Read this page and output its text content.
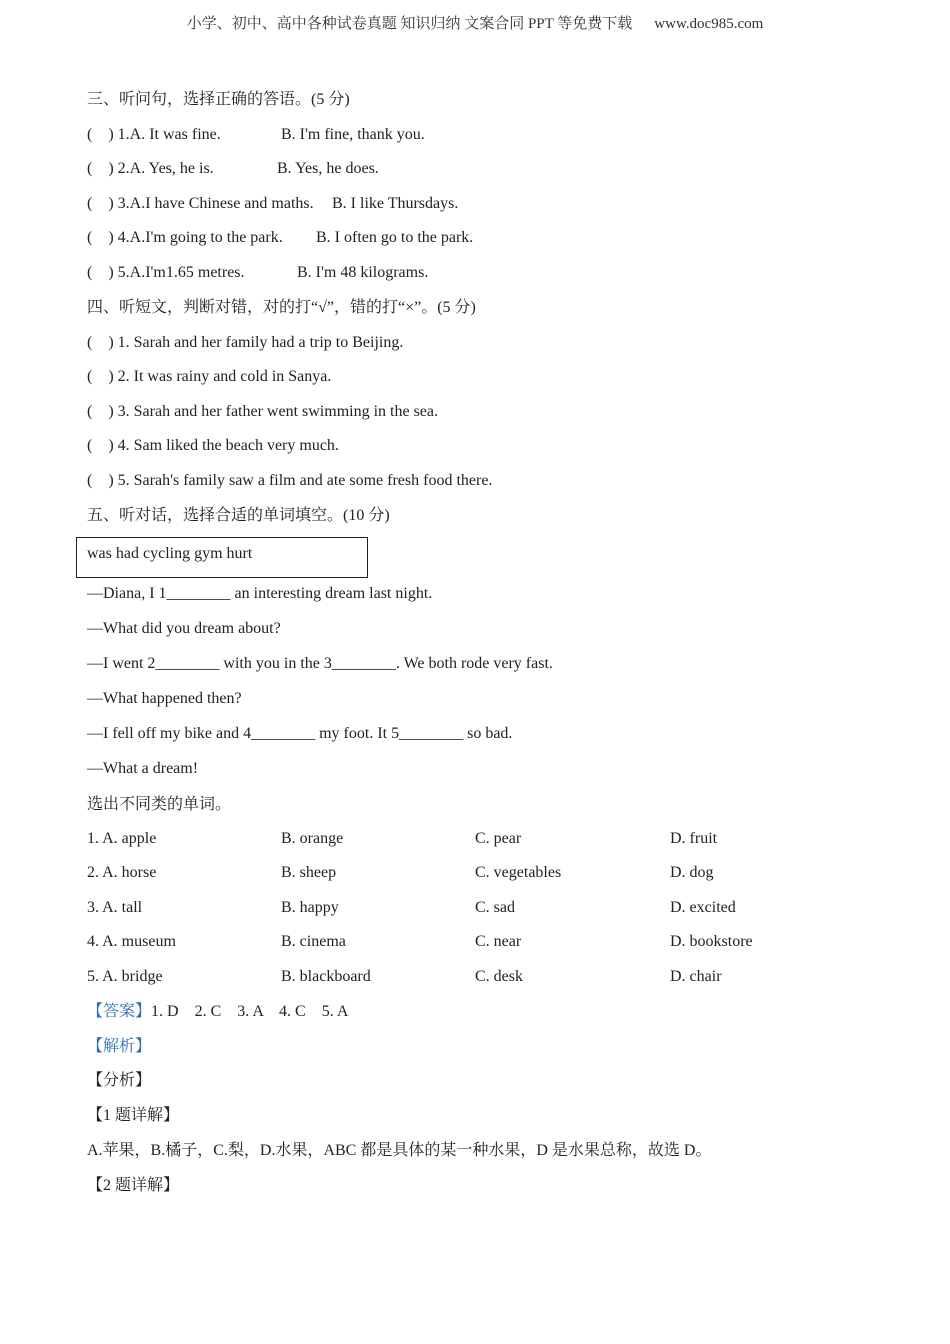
小学、初中、高中各种试卷真题 知识归纳 文案合同 PPT 等免费下载 www.doc985.com
三、听问句，选择正确的答语。(5 分)
(    ) 1.A. It was fine.	B. I'm fine, thank you.
(    ) 2.A. Yes, he is.	B. Yes, he does.
(    ) 3.A.I have Chinese and maths. B. I like Thursdays.
(    ) 4.A.I'm going to the park. B. I often go to the park.
(    ) 5.A.I'm1.65 metres.	B. I'm 48 kilograms.
四、听短文，判断对错，对的打“√”，错的打“×”。(5 分)
(    ) 1. Sarah and her family had a trip to Beijing.
(    ) 2. It was rainy and cold in Sanya.
(    ) 3. Sarah and her father went swimming in the sea.
(    ) 4. Sam liked the beach very much.
(    ) 5. Sarah's family saw a film and ate some fresh food there.
五、听对话，选择合适的单词填空。(10 分)
was had cycling gym hurt
—Diana, I 1________ an interesting dream last night.
—What did you dream about?
—I went 2________ with you in the 3________. We both rode very fast.
—What happened then?
—I fell off my bike and 4________ my foot. It 5________ so bad.
—What a dream!
选出不同类的单词。
1. A. apple	B. orange	C. pear	D. fruit
2. A. horse	B. sheep	C. vegetables	D. dog
3. A. tall	B. happy	C. sad	D. excited
4. A. museum	B. cinema	C. near	D. bookstore
5. A. bridge	B. blackboard	C. desk	D. chair
【答案】1. D    2. C    3. A    4. C    5. A
【解析】
【分析】
【1 题详解】
A.苹果，B.橘子，C.梨，D.水果，ABC 都是具体的某一种水果，D 是水果总称，故选 D。
【2 题详解】
